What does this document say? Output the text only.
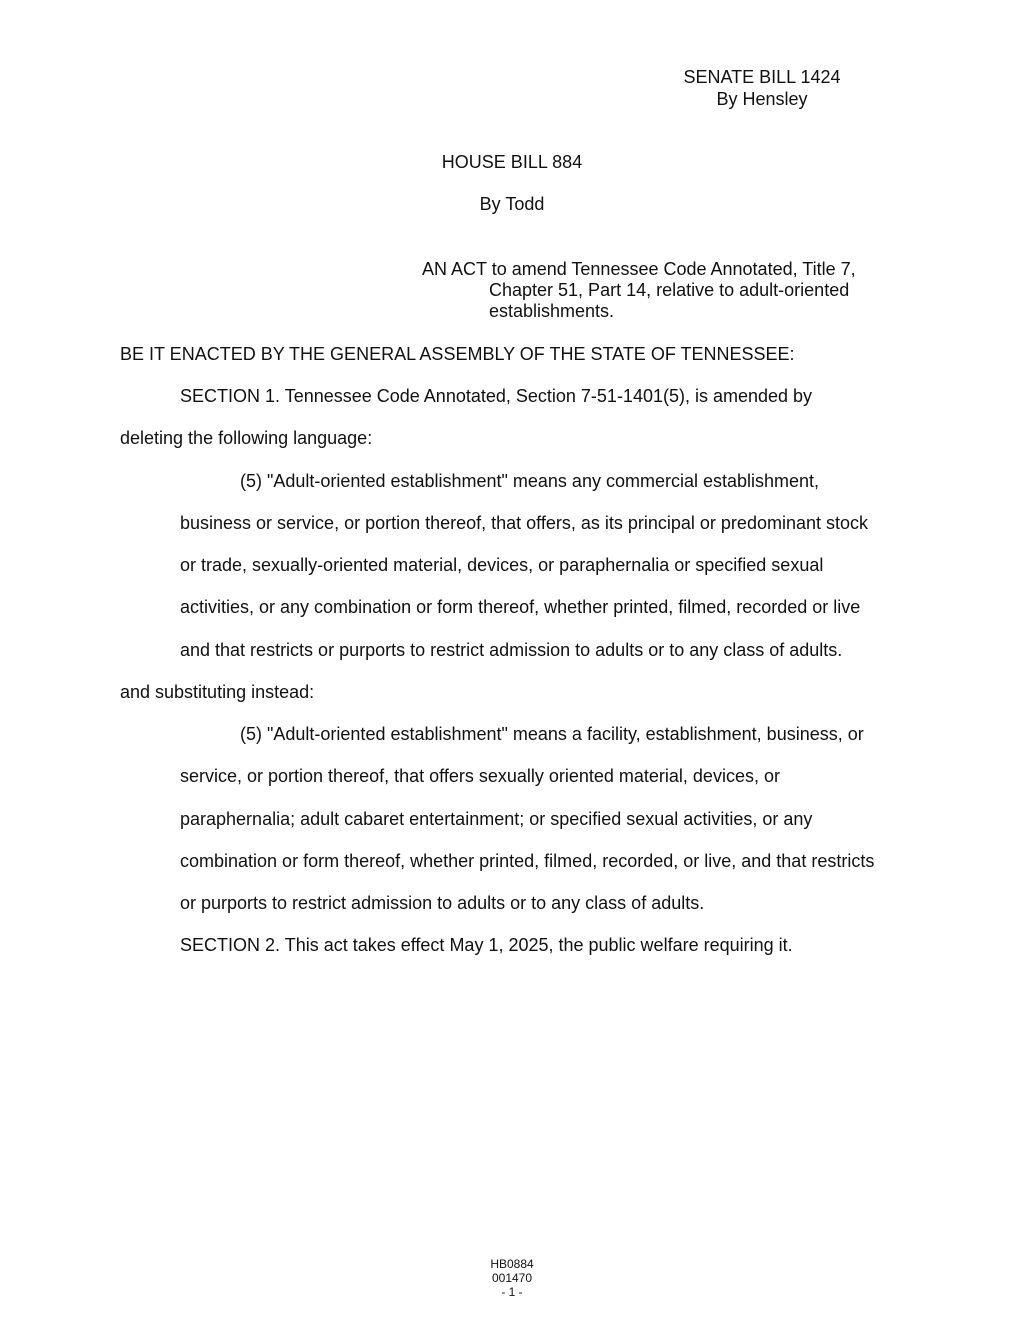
SENATE BILL 1424
By Hensley
HOUSE BILL 884
By Todd
AN ACT to amend Tennessee Code Annotated, Title 7,
Chapter 51, Part 14, relative to adult-oriented
establishments.
BE IT ENACTED BY THE GENERAL ASSEMBLY OF THE STATE OF TENNESSEE:
SECTION 1. Tennessee Code Annotated, Section 7-51-1401(5), is amended by
deleting the following language:
(5) "Adult-oriented establishment" means any commercial establishment,
business or service, or portion thereof, that offers, as its principal or predominant stock
or trade, sexually-oriented material, devices, or paraphernalia or specified sexual
activities, or any combination or form thereof, whether printed, filmed, recorded or live
and that restricts or purports to restrict admission to adults or to any class of adults.
and substituting instead:
(5) "Adult-oriented establishment" means a facility, establishment, business, or
service, or portion thereof, that offers sexually oriented material, devices, or
paraphernalia; adult cabaret entertainment; or specified sexual activities, or any
combination or form thereof, whether printed, filmed, recorded, or live, and that restricts
or purports to restrict admission to adults or to any class of adults.
SECTION 2. This act takes effect May 1, 2025, the public welfare requiring it.
HB0884
001470
- 1 -
